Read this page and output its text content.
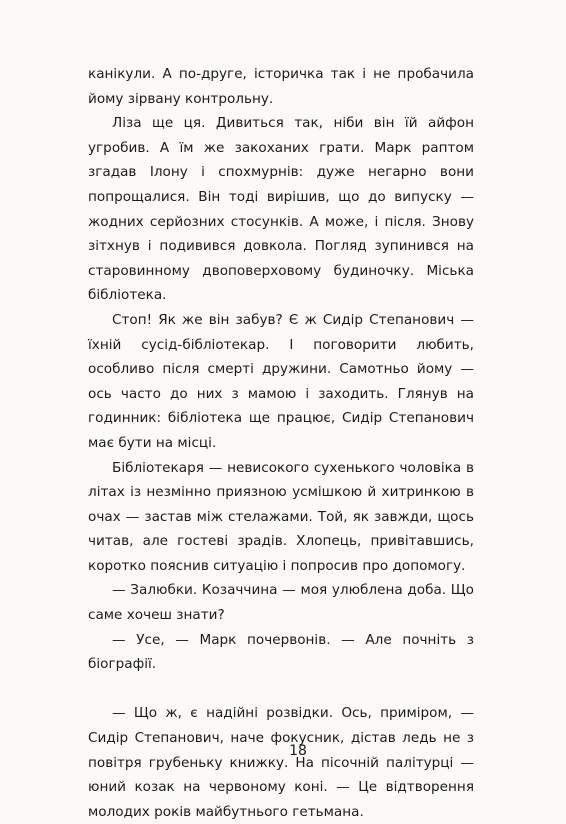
канікули. А по-друге, історичка так і не пробачила йому зірвану контрольну.

Ліза ще ця. Дивиться так, ніби він їй айфон угробив. А їм же закоханих грати. Марк раптом згадав Ілону і спохмурнів: дуже негарно вони попрощалися. Він тоді вирішив, що до випуску — жодних серйозних стосунків. А може, і після. Знову зітхнув і подивився довкола. Погляд зупинився на старовинному двоповерховому будиночку. Міська бібліотека.

Стоп! Як же він забув? Є ж Сидір Степанович — їхній сусід-бібліотекар. І поговорити любить, особливо після смерті дружини. Самотньо йому — ось часто до них з мамою і заходить. Глянув на годинник: бібліотека ще працює, Сидір Степанович має бути на місці.

Бібліотекаря — невисокого сухенького чоловіка в літах із незмінно приязною усмішкою й хитринкою в очах — застав між стелажами. Той, як завжди, щось читав, але гостеві зрадів. Хлопець, привітавшись, коротко пояснив ситуацію і попросив про допомогу.

— Залюбки. Козаччина — моя улюблена доба. Що саме хочеш знати?

— Усе, — Марк почервонів. — Але почніть з біографії.

— Що ж, є надійні розвідки. Ось, приміром, — Сидір Степанович, наче фокусник, дістав ледь не з повітря грубеньку книжку. На пісочній палітурці — юний козак на червоному коні. — Це відтворення молодих років майбутнього гетьмана.

18
